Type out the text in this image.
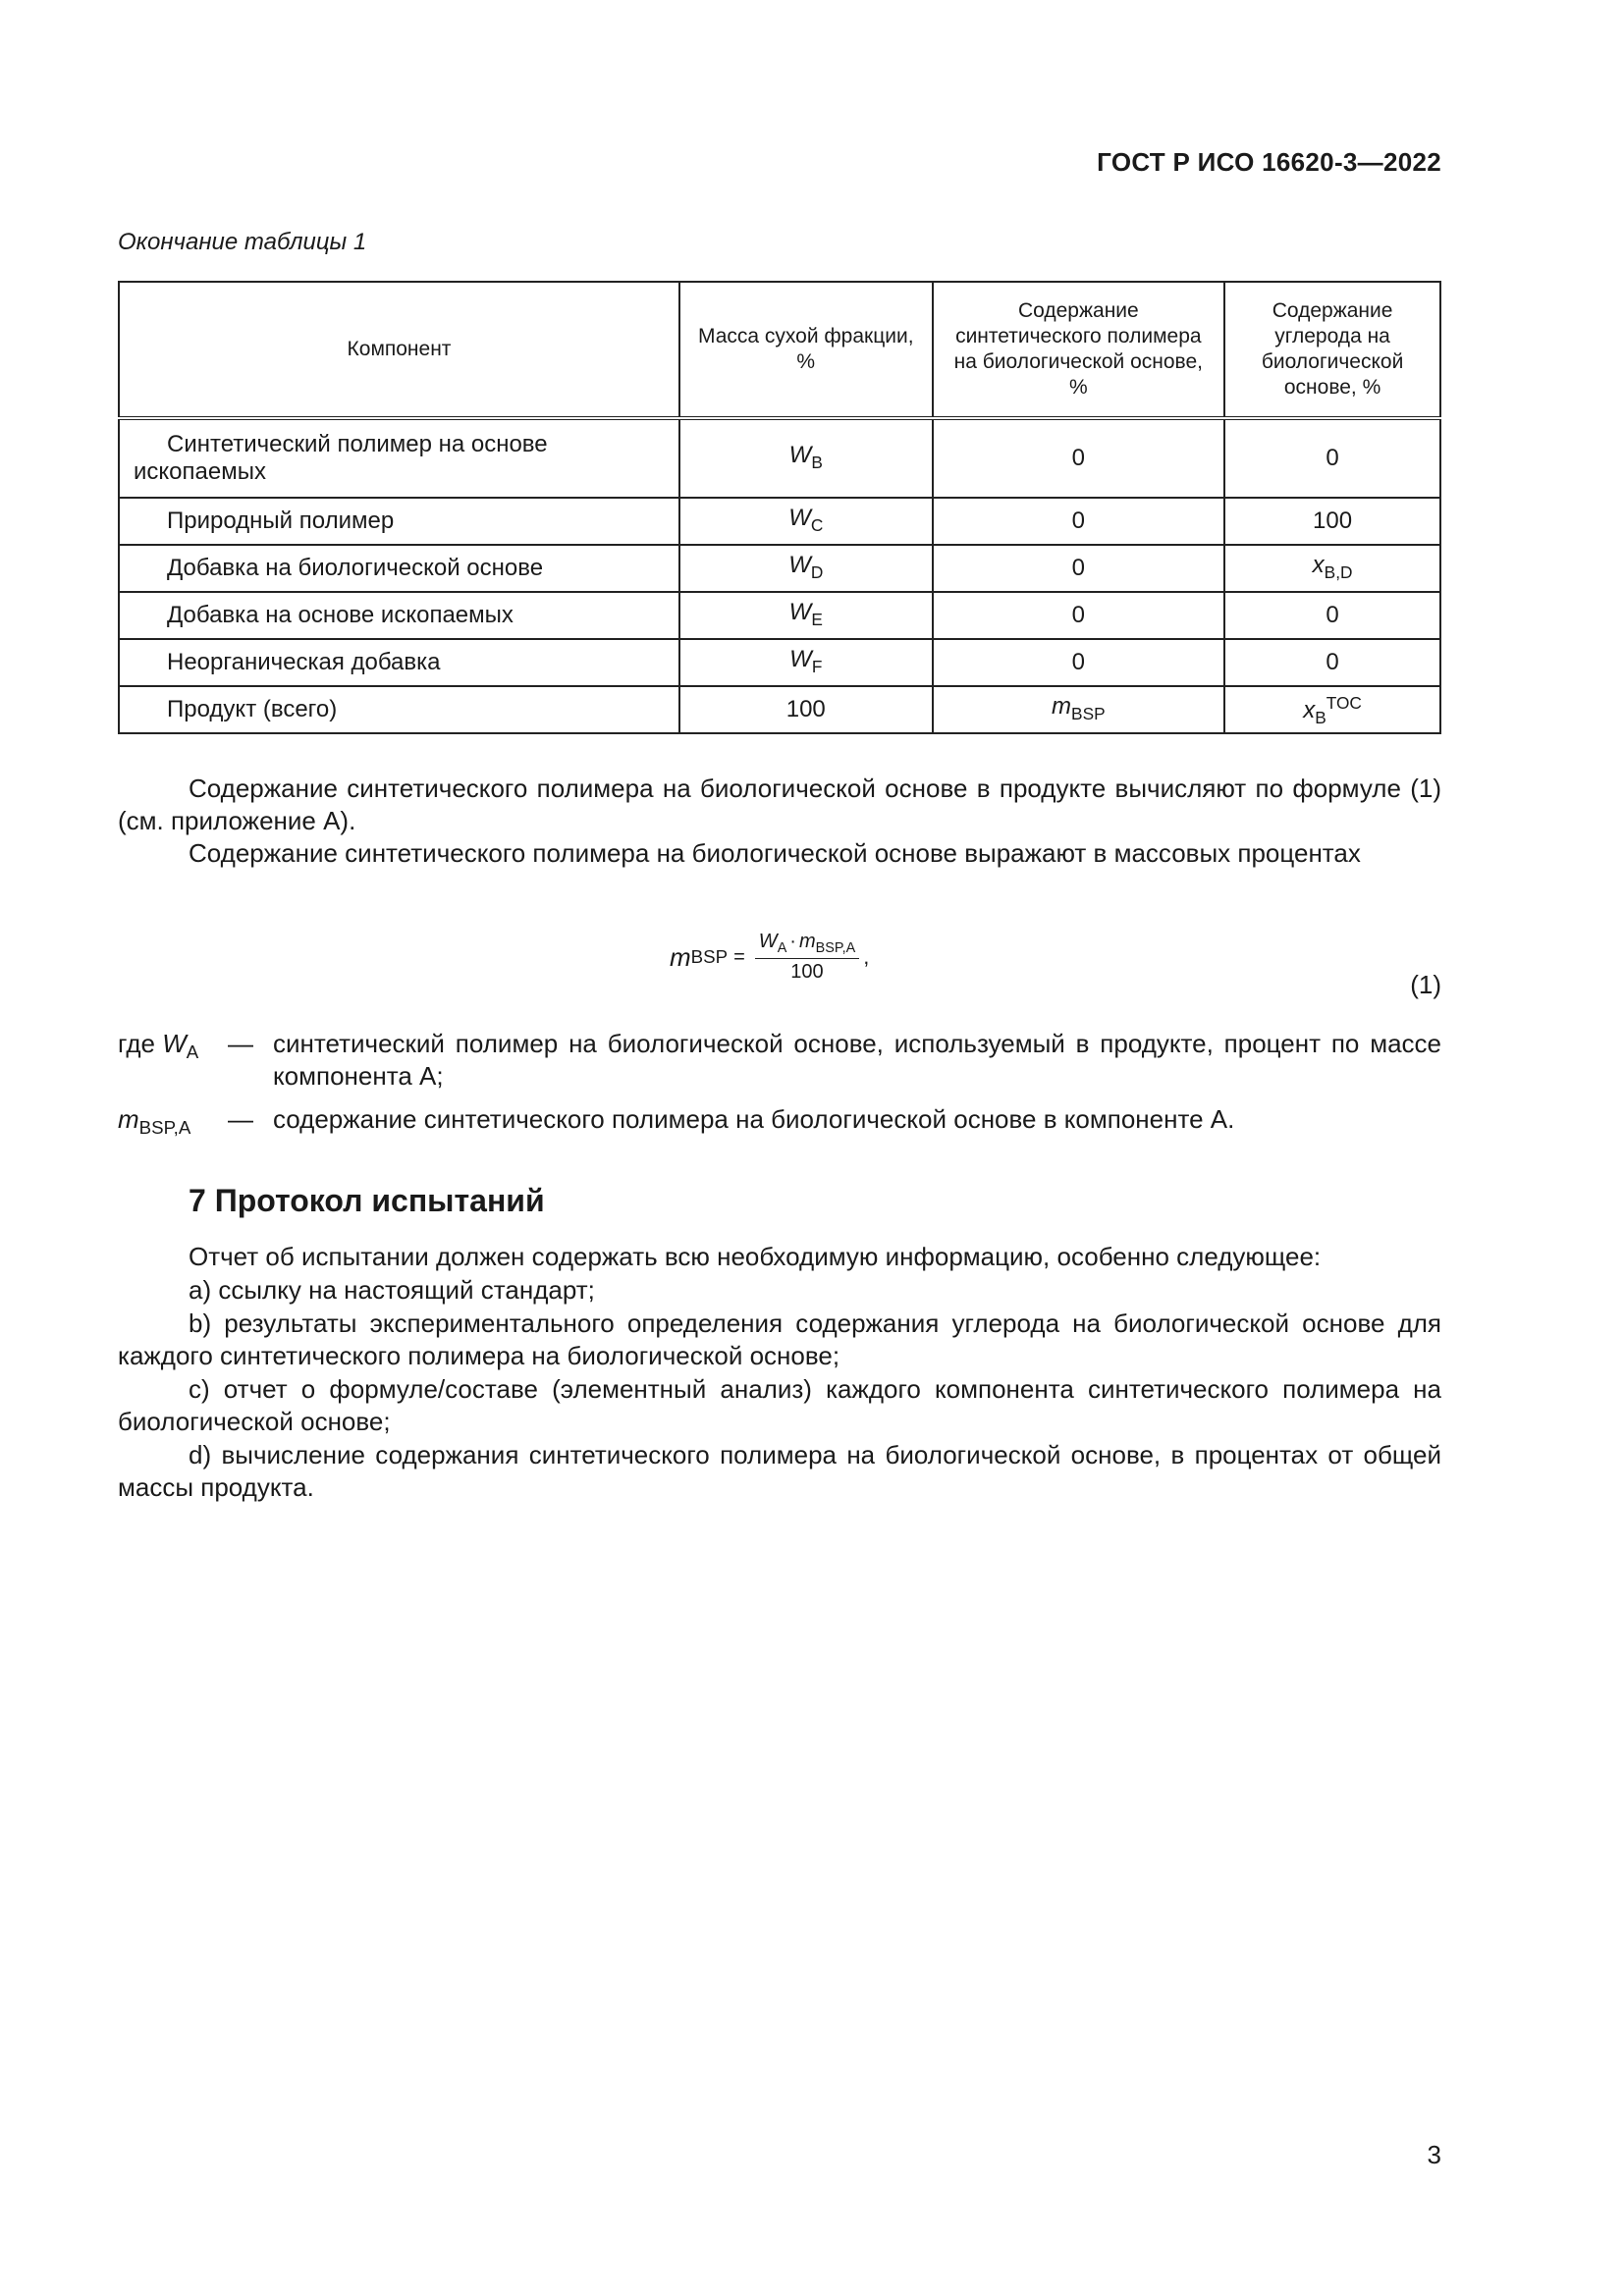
ГОСТ Р ИСО 16620-3—2022
Окончание таблицы 1
Компонент	Масса сухой фракции, %	Содержание синтетического полимера на биологической основе, %	Содержание углерода на биологической основе, %
Синтетический полимер на основе ископаемых	$W_B$	0	0
Природный полимер	$W_C$	0	100
Добавка на биологической основе	$W_D$	0	$x_{B,D}$
Добавка на основе ископаемых	$W_E$	0	0
Неорганическая добавка	$W_F$	0	0
Продукт (всего)	100	$m_{BSP}$	$x_B^{TOC}$
Содержание синтетического полимера на биологической основе в продукте вычисляют по формуле (1) (см. приложение А).
Содержание синтетического полимера на биологической основе выражают в массовых процентах
m BSP = $\frac{W_A \cdot m_{BSP,A}}{100}$ ,
(1)
где $W_A$ — синтетический полимер на биологической основе, используемый в продукте, процент по массе компонента А;
$m_{BSP,A}$ — содержание синтетического полимера на биологической основе в компоненте А.
7 Протокол испытаний
Отчет об испытании должен содержать всю необходимую информацию, особенно следующее:
a) ссылку на настоящий стандарт;
b) результаты экспериментального определения содержания углерода на биологической основе для каждого синтетического полимера на биологической основе;
c) отчет о формуле/составе (элементный анализ) каждого компонента синтетического полимера на биологической основе;
d) вычисление содержания синтетического полимера на биологической основе, в процентах от общей массы продукта.
3
